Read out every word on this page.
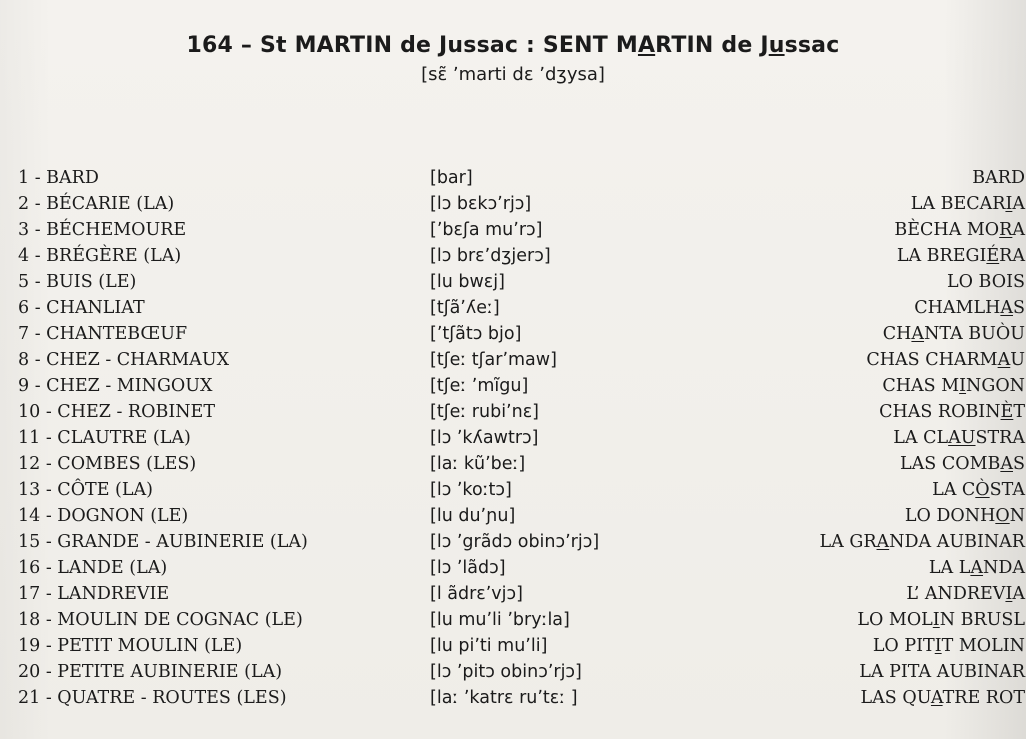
164 – St MARTIN de Jussac : SENT MARTIN de Jussac
[sɛ̃ ʼmarti dɛ ʼdʒysa]
1 - BARD	[bar]	BARD
2 - BÉCARIE (LA)	[lɔ bɛkɔʼrjɔ]	LA BECARIA
3 - BÉCHEMOURE	[ʼbɛʃa muʼrɔ]	BÈCHA MORA
4 - BRÉGÈRE (LA)	[lɔ brɛʼdʒjerɔ]	LA BREGIÉRA
5 - BUIS (LE)	[lu bwɛj]	LO BOIS
6 - CHANLIAT	[tʃãʼʎeː]	CHAMLHAS
7 - CHANTEBŒUF	[ʼtʃãtɔ bjo]	CHANTA BUÒU
8 - CHEZ - CHARMAUX	[tʃeː tʃarʼmaw]	CHAS CHARMAU
9 - CHEZ - MINGOUX	[tʃeː ʼmĩgu]	CHAS MINGON
10 - CHEZ - ROBINET	[tʃeː rubiʼnɛ]	CHAS ROBINÈT
11 - CLAUTRE (LA)	[lɔ ʼkʎawtrɔ]	LA CLAUSTRA
12 - COMBES (LES)	[laː kũʼbeː]	LAS COMBAS
13 - CÔTE (LA)	[lɔ ʼkoːtɔ]	LA CÒSTA
14 - DOGNON (LE)	[lu duʼɲu]	LO DONHON
15 - GRANDE - AUBINERIE (LA)	[lɔ ʼgrãdɔ obinɔʼrjɔ]	LA GRANDA AUBINAR
16 - LANDE (LA)	[lɔ ʼlãdɔ]	LA LANDA
17 - LANDREVIE	[l ãdrɛʼvjɔ]	L’ ANDREVIA
18 - MOULIN DE COGNAC (LE)	[lu muʼli ʼbryːla]	LO MOLIN BRUSL
19 - PETIT MOULIN (LE)	[lu piʼti muʼli]	LO PITIT MOLIN
20 - PETITE AUBINERIE (LA)	[lɔ ʼpitɔ obinɔʼrjɔ]	LA PITA AUBINAR
21 - QUATRE - ROUTES (LES)	[laː ʼkatrɛ ruʼtɛː ]	LAS QUATRE ROT
